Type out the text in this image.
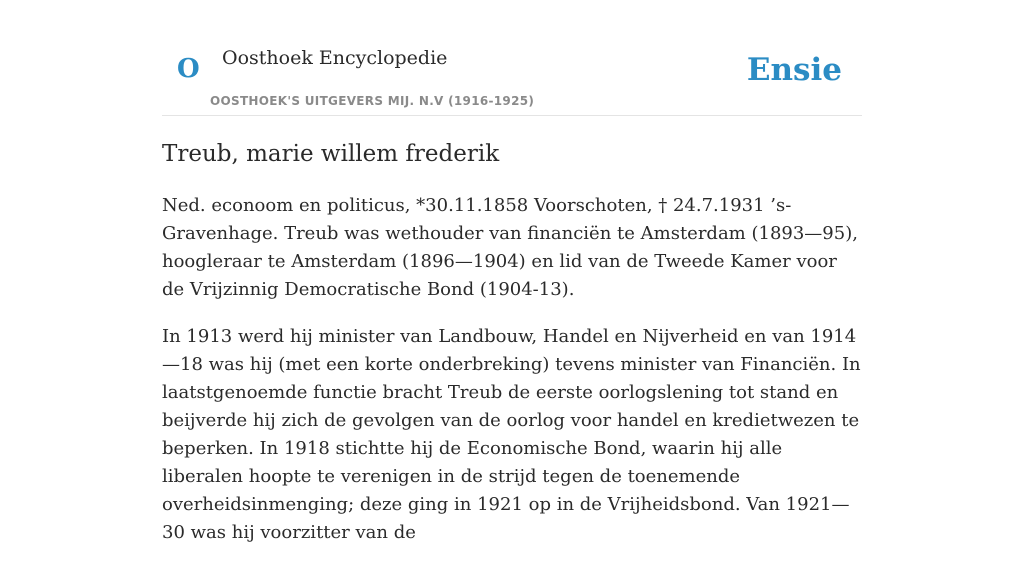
O Oosthoek Encyclopedie
OOSTHOEK'S UITGEVERS MIJ. N.V (1916-1925)
Ensie
Treub, marie willem frederik

Ned. econoom en politicus, *30.11.1858 Voorschoten, † 24.7.1931 ’s-Gravenhage. Treub was wethouder van financiën te Amsterdam (1893—95), hoogleraar te Amsterdam (1896—1904) en lid van de Tweede Kamer voor de Vrijzinnig Democratische Bond (1904-13).

In 1913 werd hij minister van Landbouw, Handel en Nijverheid en van 1914—18 was hij (met een korte onderbreking) tevens minister van Financiën. In laatstgenoemde functie bracht Treub de eerste oorlogslening tot stand en beijverde hij zich de gevolgen van de oorlog voor handel en kredietwezen te beperken. In 1918 stichtte hij de Economische Bond, waarin hij alle liberalen hoopte te verenigen in de strijd tegen de toenemende overheidsinmenging; deze ging in 1921 op in de Vrijheidsbond. Van 1921—30 was hij voorzitter van de
